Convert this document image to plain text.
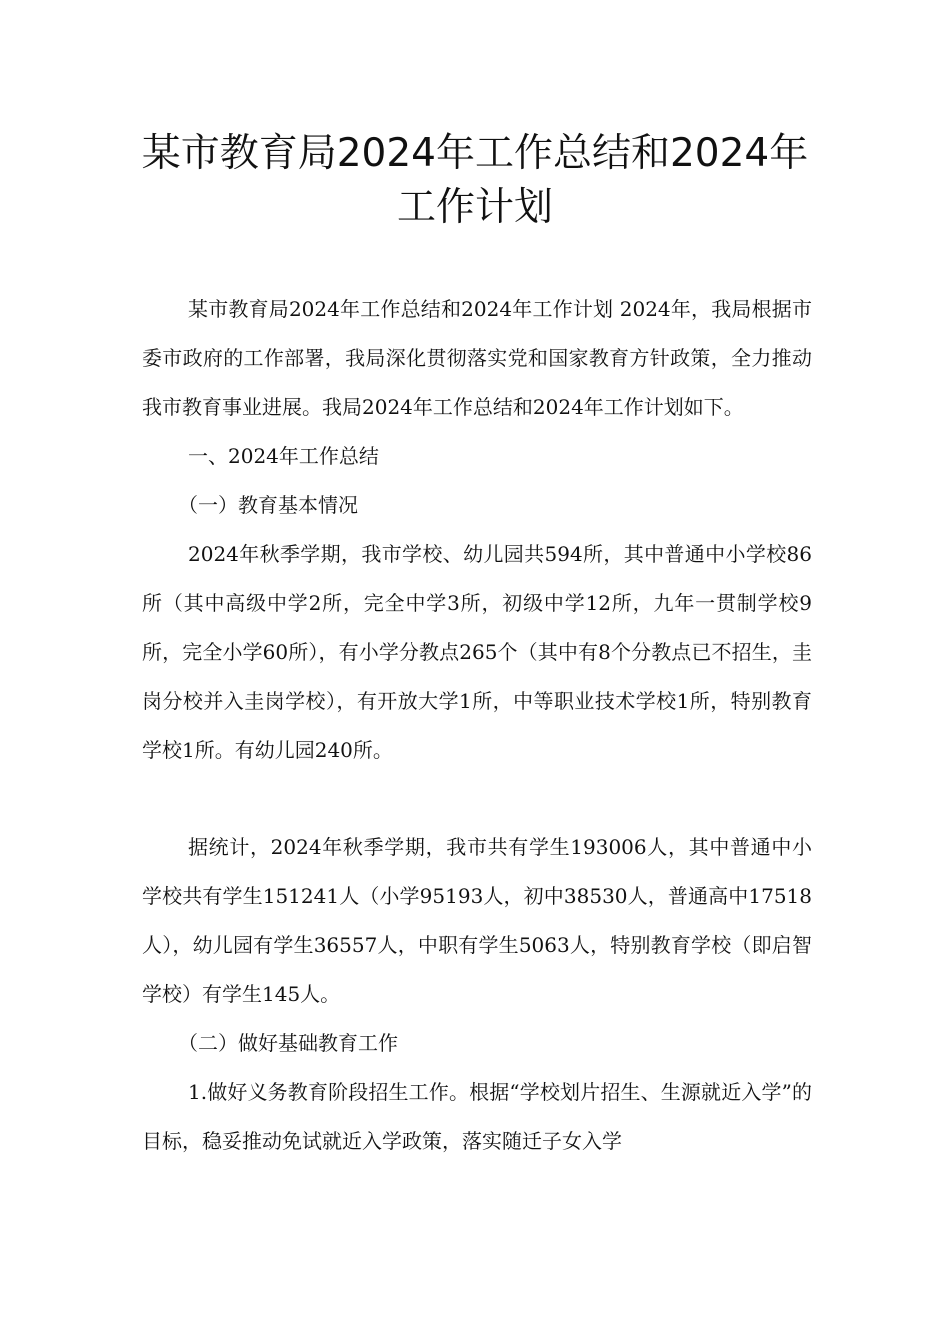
某市教育局2024年工作总结和2024年
工作计划

某市教育局2024年工作总结和2024年工作计划 2024年，我局根据市委市政府的工作部署，我局深化贯彻落实党和国家教育方针政策，全力推动我市教育事业进展。我局2024年工作总结和2024年工作计划如下。

一、2024年工作总结

（一）教育基本情况

2024年秋季学期，我市学校、幼儿园共594所，其中普通中小学校86所（其中高级中学2所，完全中学3所，初级中学12所，九年一贯制学校9所，完全小学60所），有小学分教点265个（其中有8个分教点已不招生，圭岗分校并入圭岗学校），有开放大学1所，中等职业技术学校1所，特别教育学校1所。有幼儿园240所。

据统计，2024年秋季学期，我市共有学生193006人，其中普通中小学校共有学生151241人（小学95193人，初中38530人，普通高中17518人），幼儿园有学生36557人，中职有学生5063人，特别教育学校（即启智学校）有学生145人。

（二）做好基础教育工作

1.做好义务教育阶段招生工作。根据“学校划片招生、生源就近入学”的目标，稳妥推动免试就近入学政策，落实随迁子女入学
